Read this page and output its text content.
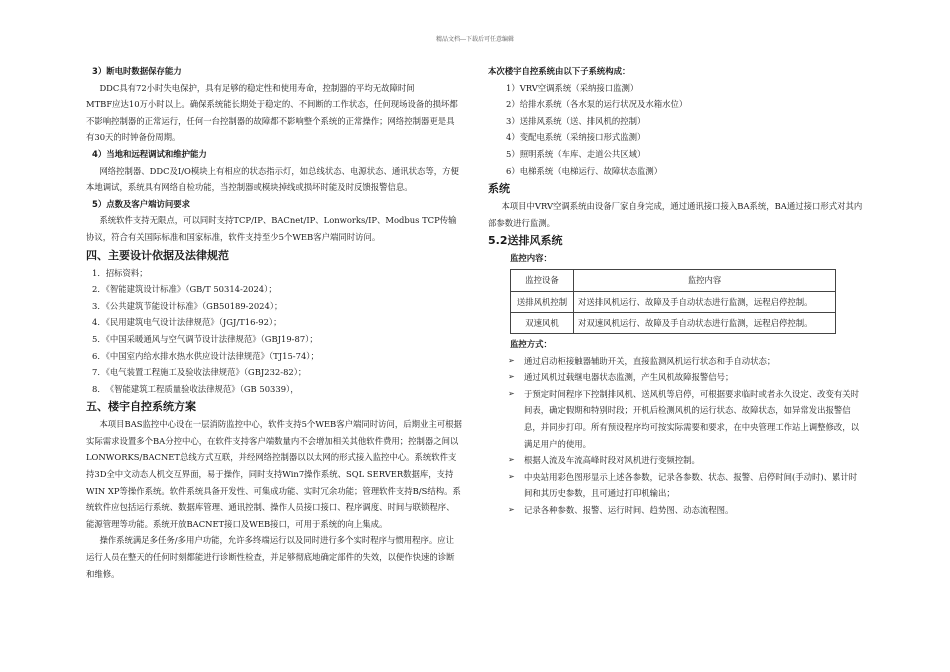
精品文档---下载后可任意编辑

3）断电时数据保存能力

DDC具有72小时失电保护，具有足够的稳定性和使用寿命，控制器的平均无故障时间

MTBF应达10万小时以上。确保系统能长期处于稳定的、不间断的工作状态，任何现场设备的损坏都不影响控制器的正常运行，任何一台控制器的故障都不影响整个系统的正常操作；网络控制器更是具有30天的时钟备份周期。

4）当地和远程调试和维护能力

网络控制器、DDC及I/O模块上有相应的状态指示灯，如总线状态、电源状态、通讯状态等，方便本地调试，系统具有网络自检功能，当控制器或模块掉线或损坏时能及时反馈报警信息。

5）点数及客户端访问要求

系统软件支持无限点，可以同时支持TCP/IP、BACnet/IP、Lonworks/IP、Modbus TCP传输协议，符合有关国际标准和国家标准，软件支持至少5个WEB客户端同时访问。

四、主要设计依据及法律规范

1．招标资料；

2．《智能建筑设计标准》（GB/T 50314-2024）；

3．《公共建筑节能设计标准》（GB50189-2024）；

4．《民用建筑电气设计法律规范》（JGJ/T16-92）；

5．《中国采暖通风与空气调节设计法律规范》（GBJ19-87）；

6．《中国室内给水排水热水供应设计法律规范》（TJ15-74）；

7．《电气装置工程施工及验收法律规范》（GBJ232-82）；

8．　《智能建筑工程质量验收法律规范》（GB 50339），

五、楼宇自控系统方案

本项目BAS监控中心设在一层消防监控中心，软件支持5个WEB客户端同时访问，后期业主可根据实际需求设置多个BA分控中心，在软件支持客户端数量内不会增加相关其他软件费用；控制器之间以LONWORKS/BACNET总线方式互联，并经网络控制器以以太网的形式接入监控中心。系统软件支持3D全中文动态人机交互界面，易于操作，同时支持Win7操作系统、SQL SERVER数据库，支持WIN XP等操作系统。软件系统具备开发性、可集成功能、实时冗余功能；管理软件支持B/S结构。系统软件应包括运行系统、数据库管理、通讯控制、操作人员接口接口、程序调度、时间与联锁程序、能源管理等功能。系统开放BACNET接口及WEB接口，可用于系统的向上集成。

操作系统满足多任务/多用户功能，允许多终端运行以及同时进行多个实时程序与惯用程序。应让运行人员在整天的任何时刻都能进行诊断性检查，并足够彻底地确定部件的失效，以便作快速的诊断和维修。

本次楼宇自控系统由以下子系统构成：

1）VRV空调系统（采纳接口监测）

2）给排水系统（各水泵的运行状况及水箱水位）

3）送排风系统（送、排风机的控制）

4）变配电系统（采纳接口形式监测）

5）照明系统（车库、走道公共区域）

6）电梯系统（电梯运行、故障状态监测）

系统

本项目中VRV空调系统由设备厂家自身完成，通过通讯接口接入BA系统，BA通过接口形式对其内部参数进行监测。

5.2送排风系统

监控内容：

监控设备	监控内容
送排风机控制	对送排风机运行、故障及手自动状态进行监测，远程启停控制。
双速风机	对双速风机运行、故障及手自动状态进行监测，远程启停控制。

监控方式：

➢ 通过启动柜接触器辅助开关，直接监测风机运行状态和手自动状态；

➢ 通过风机过载继电器状态监测，产生风机故障报警信号；

➢ 于预定时间程序下控制排风机、送风机等启停，可根据要求临时或者永久设定、改变有关时间表，确定假期和特别时段；开机后检测风机的运行状态、故障状态，如异常发出报警信息，并同步打印。所有预设程序均可按实际需要和要求，在中央管理工作站上调整修改，以满足用户的使用。

➢ 根据人流及车流高峰时段对风机进行变频控制。

➢ 中央站用彩色图形显示上述各参数，记录各参数、状态、报警、启停时间(手动时)、累计时间和其历史参数，且可通过打印机输出；

➢ 记录各种参数、报警、运行时间、趋势图、动态流程图。
